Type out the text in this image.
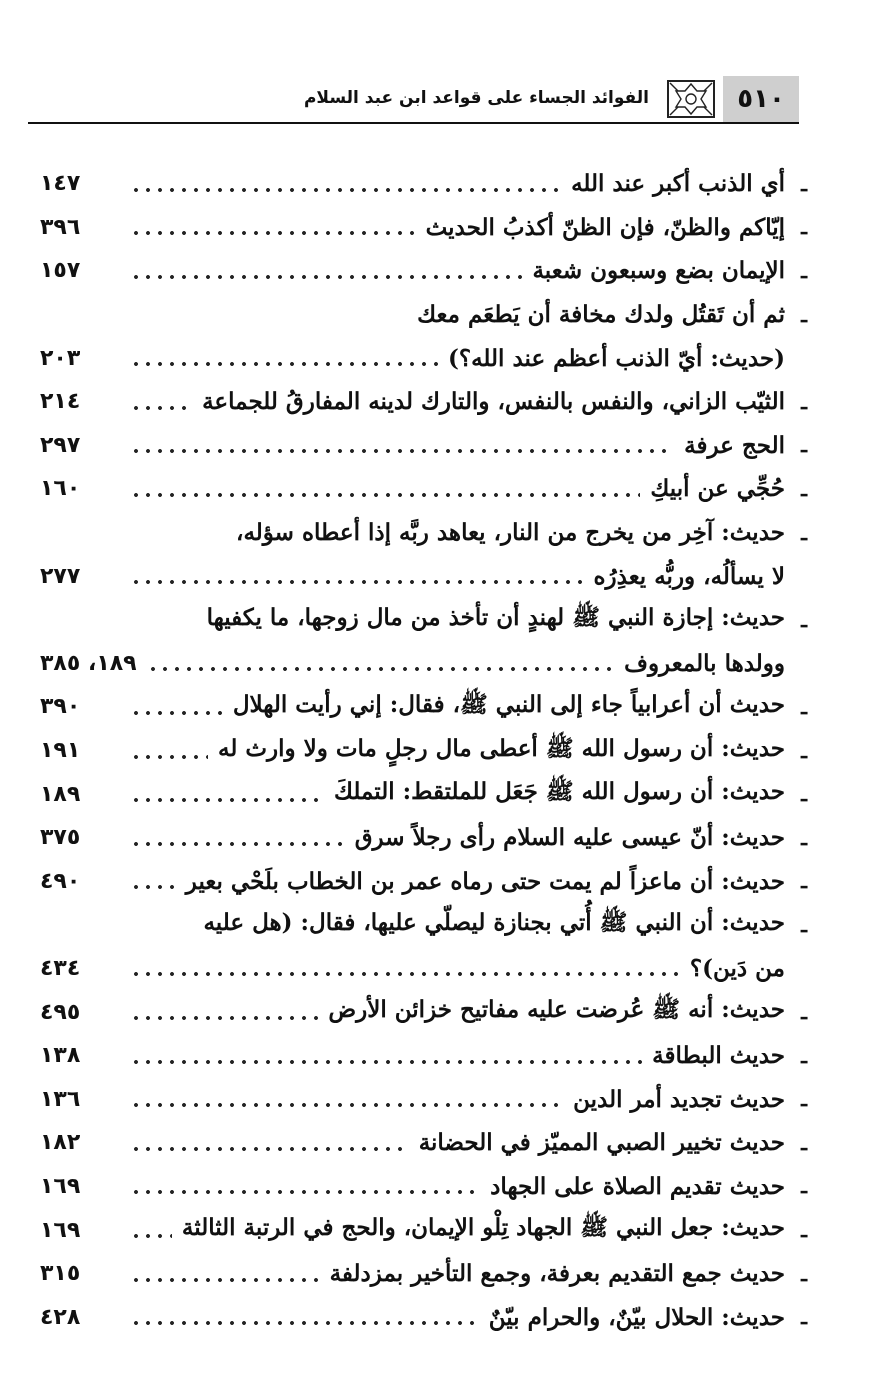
٥١٠
الفوائد الجساء على قواعد ابن عبد السلام
ـ
أي الذنب أكبر عند الله
١٤٧
ـ
إيّاكم والظنّ، فإن الظنّ أكذبُ الحديث
٣٩٦
ـ
الإيمان بضع وسبعون شعبة
١٥٧
ـ
ثم أن تَقتُل ولدك مخافة أن يَطعَم معك
(حديث: أيّ الذنب أعظم عند الله؟)
٢٠٣
ـ
الثيّب الزاني، والنفس بالنفس، والتارك لدينه المفارقُ للجماعة
٢١٤
ـ
الحج عرفة
٢٩٧
ـ
حُجِّي عن أبيكِ
١٦٠
ـ
حديث: آخِر من يخرج من النار، يعاهد ربَّه إذا أعطاه سؤله،
لا يسألُه، وربُّه يعذِرُه
٢٧٧
ـ
حديث: إجازة النبي ﷺ لهندٍ أن تأخذ من مال زوجها، ما يكفيها
وولدها بالمعروف
١٨٩، ٣٨٥
ـ
حديث أن أعرابياً جاء إلى النبي ﷺ، فقال: إني رأيت الهلال
٣٩٠
ـ
حديث: أن رسول الله ﷺ أعطى مال رجلٍ مات ولا وارث له
١٩١
ـ
حديث: أن رسول الله ﷺ جَعَل للملتقط: التملكَ
١٨٩
ـ
حديث: أنّ عيسى عليه السلام رأى رجلاً سرق
٣٧٥
ـ
حديث: أن ماعزاً لم يمت حتى رماه عمر بن الخطاب بلَحْي بعير
٤٩٠
ـ
حديث: أن النبي ﷺ أُتي بجنازة ليصلّي عليها، فقال: (هل عليه
من دَين)؟
٤٣٤
ـ
حديث: أنه ﷺ عُرضت عليه مفاتيح خزائن الأرض
٤٩٥
ـ
حديث البطاقة
١٣٨
ـ
حديث تجديد أمر الدين
١٣٦
ـ
حديث تخيير الصبي المميّز في الحضانة
١٨٢
ـ
حديث تقديم الصلاة على الجهاد
١٦٩
ـ
حديث: جعل النبي ﷺ الجهاد تِلْو الإيمان، والحج في الرتبة الثالثة
١٦٩
ـ
حديث جمع التقديم بعرفة، وجمع التأخير بمزدلفة
٣١٥
ـ
حديث: الحلال بيّنٌ، والحرام بيّنٌ
٤٢٨
